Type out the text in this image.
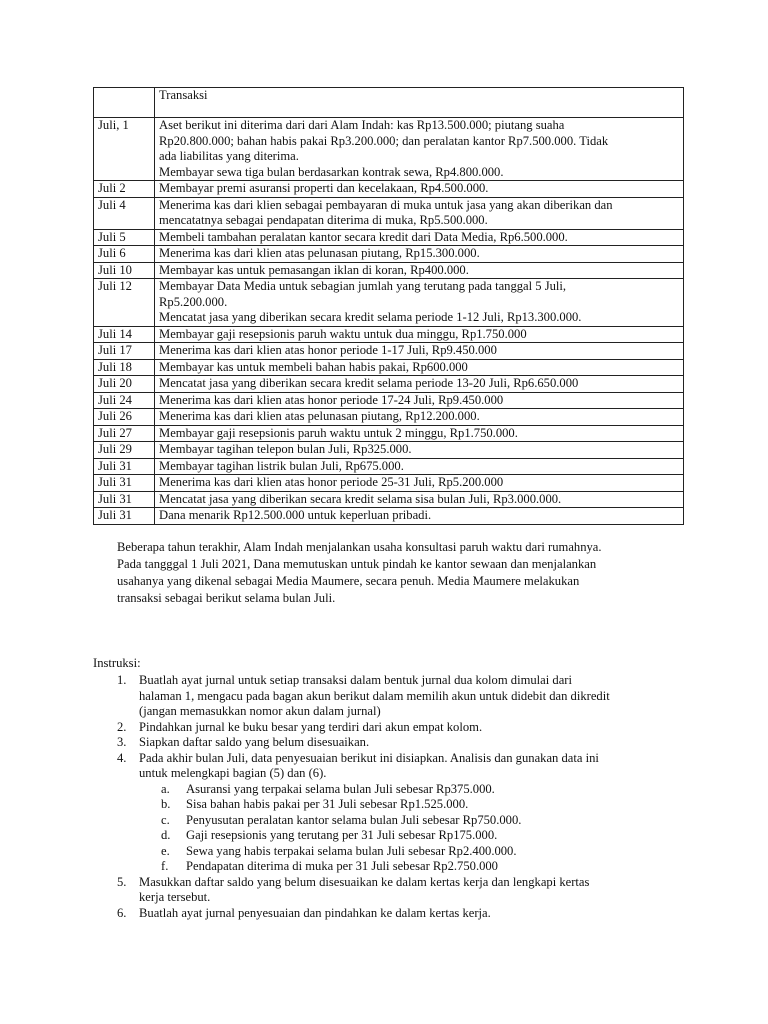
	Transaksi
Juli, 1	Aset berikut ini diterima dari dari Alam Indah: kas Rp13.500.000; piutang suaha
Rp20.800.000; bahan habis pakai Rp3.200.000; dan peralatan kantor Rp7.500.000. Tidak
ada liabilitas yang diterima.
Membayar sewa tiga bulan berdasarkan kontrak sewa, Rp4.800.000.

Juli 2	Membayar premi asuransi properti dan kecelakaan, Rp4.500.000.

Juli 4	Menerima kas dari klien sebagai pembayaran di muka untuk jasa yang akan diberikan dan
mencatatnya sebagai pendapatan diterima di muka, Rp5.500.000.

Juli 5	Membeli tambahan peralatan kantor secara kredit dari Data Media, Rp6.500.000.

Juli 6	Menerima kas dari klien atas pelunasan piutang, Rp15.300.000.

Juli 10	Membayar kas untuk pemasangan iklan di koran, Rp400.000.

Juli 12	Membayar Data Media untuk sebagian jumlah yang terutang pada tanggal 5 Juli,
Rp5.200.000.
Mencatat jasa yang diberikan secara kredit selama periode 1-12 Juli, Rp13.300.000.

Juli 14	Membayar gaji resepsionis paruh waktu untuk dua minggu, Rp1.750.000

Juli 17	Menerima kas dari klien atas honor periode 1-17 Juli, Rp9.450.000

Juli 18	Membayar kas untuk membeli bahan habis pakai, Rp600.000

Juli 20	Mencatat jasa yang diberikan secara kredit selama periode 13-20 Juli, Rp6.650.000

Juli 24	Menerima kas dari klien atas honor periode 17-24 Juli, Rp9.450.000

Juli 26	Menerima kas dari klien atas pelunasan piutang, Rp12.200.000.

Juli 27	Membayar gaji resepsionis paruh waktu untuk 2 minggu, Rp1.750.000.

Juli 29	Membayar tagihan telepon bulan Juli, Rp325.000.

Juli 31	Membayar tagihan listrik bulan Juli, Rp675.000.

Juli 31	Menerima kas dari klien atas honor periode 25-31 Juli, Rp5.200.000

Juli 31	Mencatat jasa yang diberikan secara kredit selama sisa bulan Juli, Rp3.000.000.

Juli 31	Dana menarik Rp12.500.000 untuk keperluan pribadi.

Beberapa tahun terakhir, Alam Indah menjalankan usaha konsultasi paruh waktu dari rumahnya.
Pada tangggal 1 Juli 2021, Dana memutuskan untuk pindah ke kantor sewaan dan menjalankan
usahanya yang dikenal sebagai Media Maumere, secara penuh. Media Maumere melakukan
transaksi sebagai berikut selama bulan Juli.

Instruksi:
1. Buatlah ayat jurnal untuk setiap transaksi dalam bentuk jurnal dua kolom dimulai dari
halaman 1, mengacu pada bagan akun berikut dalam memilih akun untuk didebit dan dikredit
(jangan memasukkan nomor akun dalam jurnal)
2. Pindahkan jurnal ke buku besar yang terdiri dari akun empat kolom.
3. Siapkan daftar saldo yang belum disesuaikan.
4. Pada akhir bulan Juli, data penyesuaian berikut ini disiapkan. Analisis dan gunakan data ini
untuk melengkapi bagian (5) dan (6).
a. Asuransi yang terpakai selama bulan Juli sebesar Rp375.000.
b. Sisa bahan habis pakai per 31 Juli sebesar Rp1.525.000.
c. Penyusutan peralatan kantor selama bulan Juli sebesar Rp750.000.
d. Gaji resepsionis yang terutang per 31 Juli sebesar Rp175.000.
e. Sewa yang habis terpakai selama bulan Juli sebesar Rp2.400.000.
f. Pendapatan diterima di muka per 31 Juli sebesar Rp2.750.000
5. Masukkan daftar saldo yang belum disesuaikan ke dalam kertas kerja dan lengkapi kertas
kerja tersebut.
6. Buatlah ayat jurnal penyesuaian dan pindahkan ke dalam kertas kerja.
